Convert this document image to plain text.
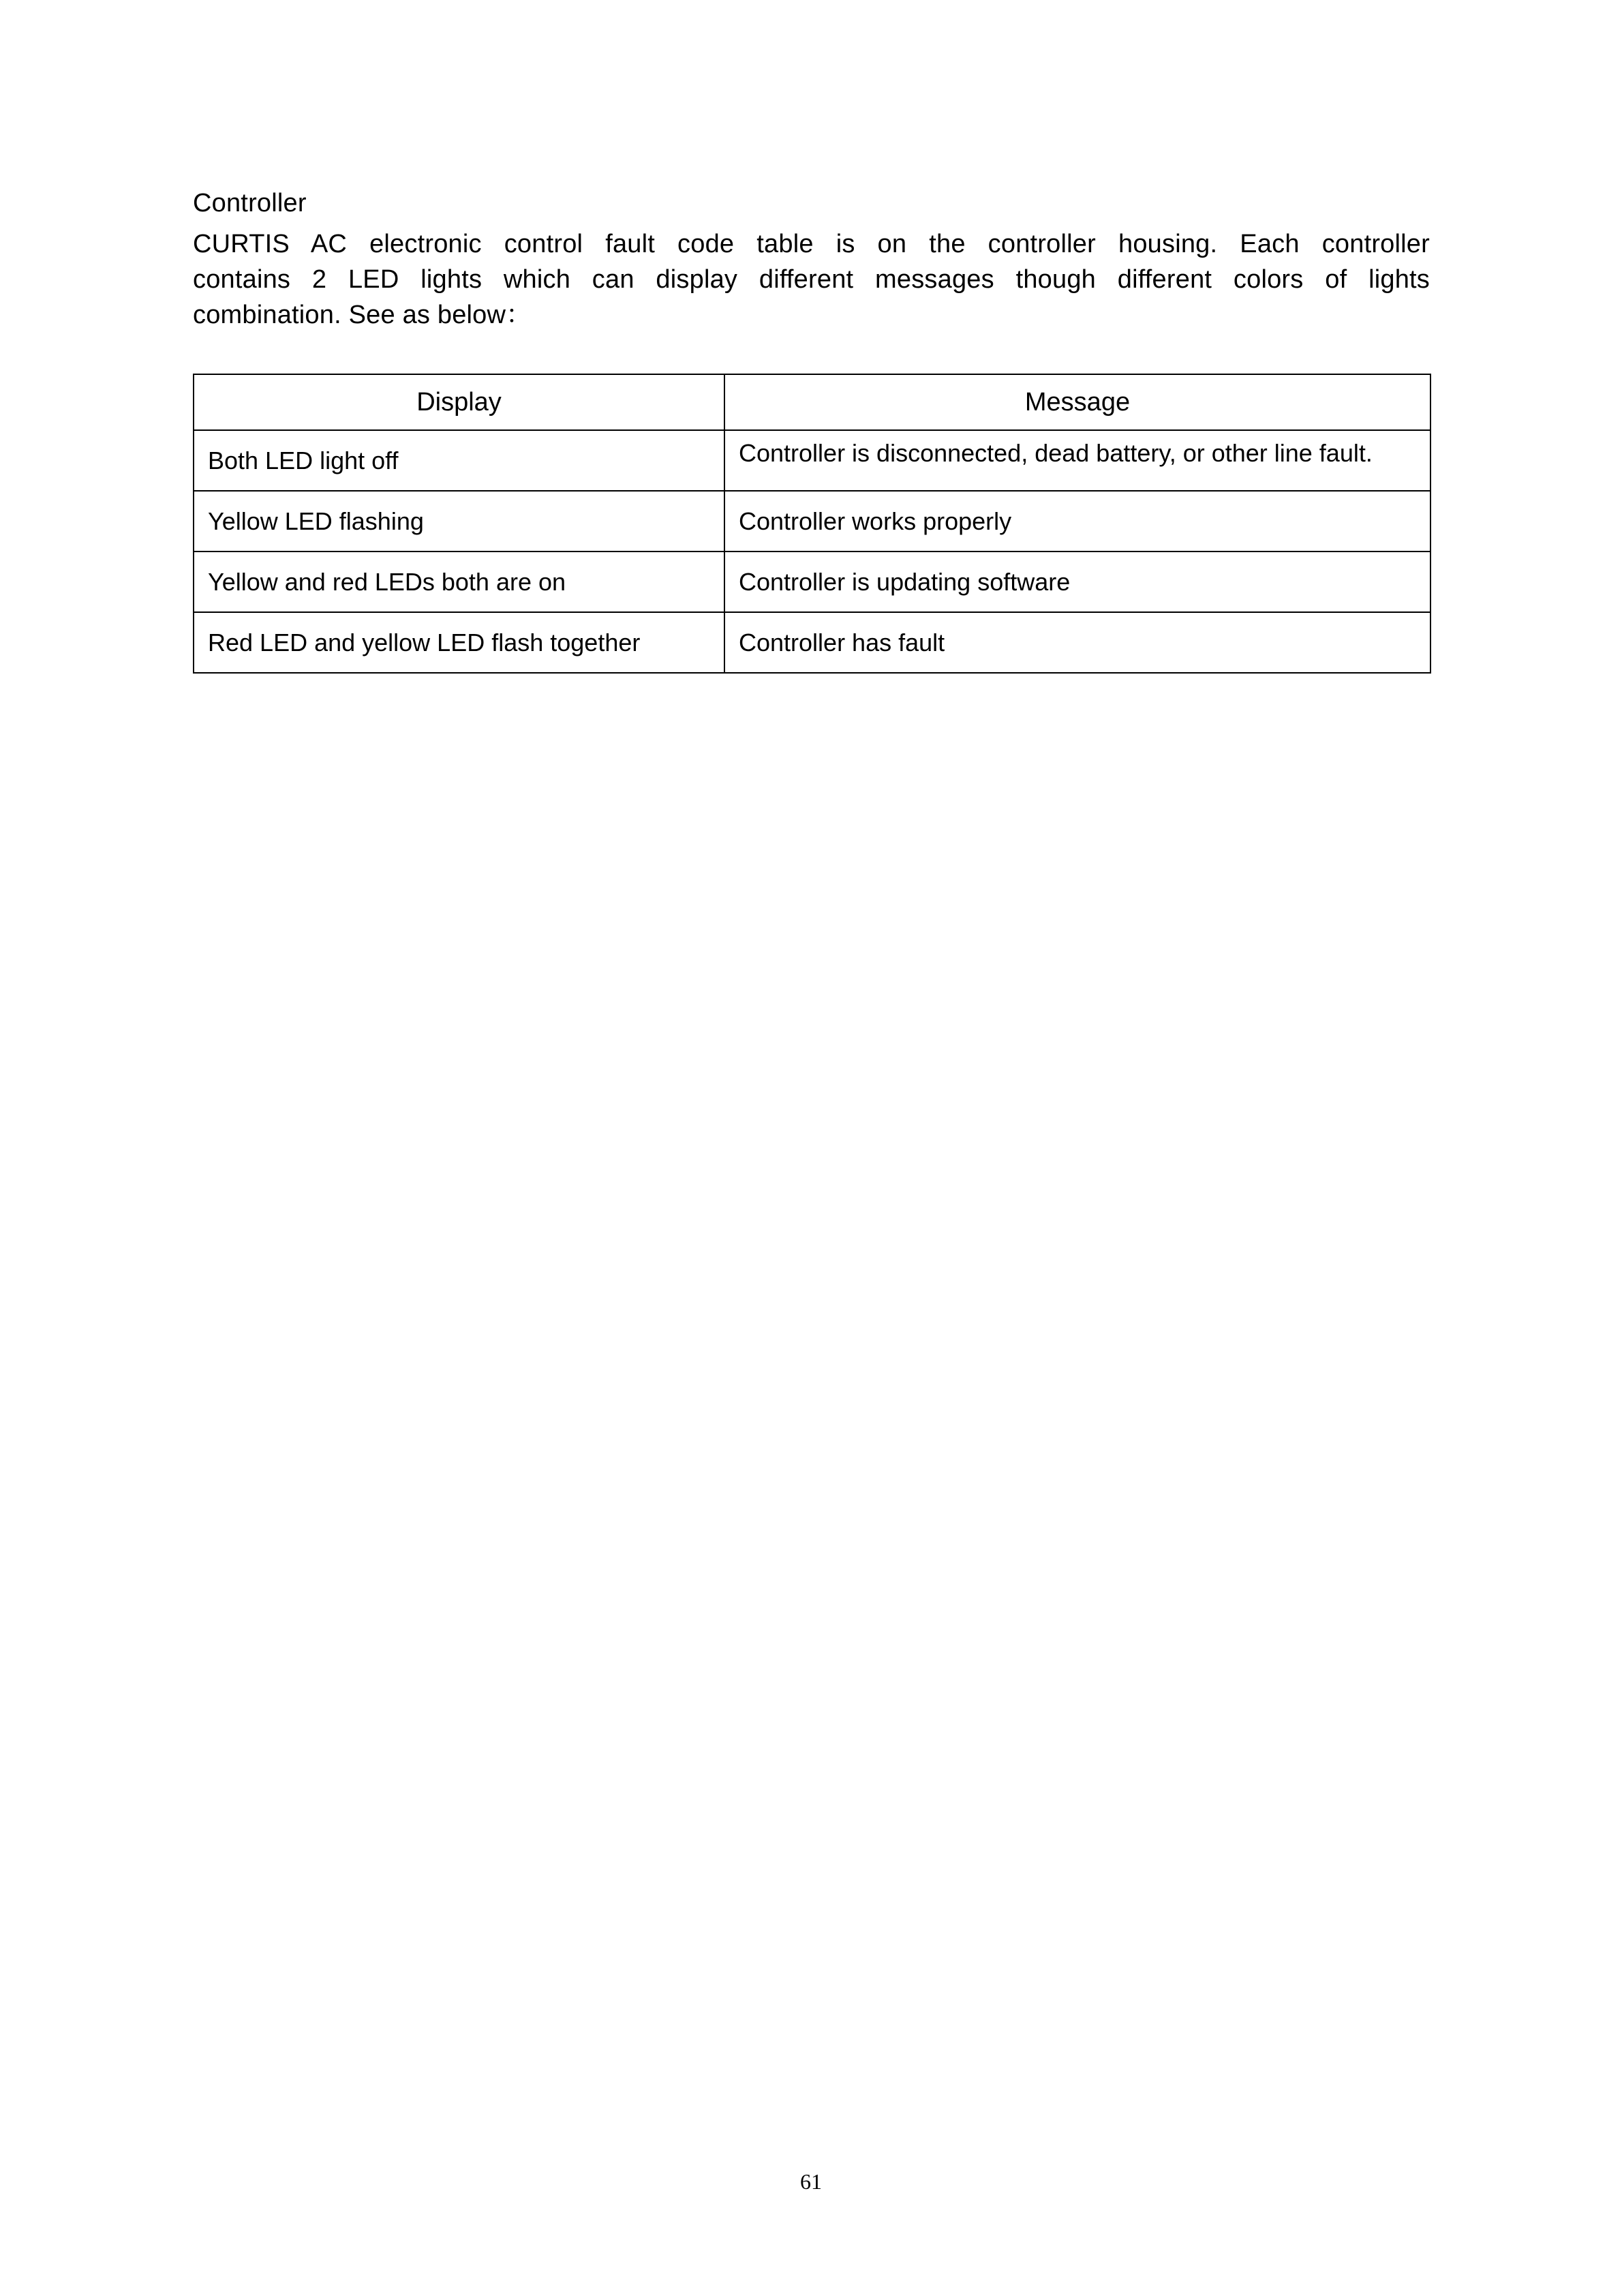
Controller
CURTIS AC electronic control fault code table is on the controller housing. Each controller
contains 2 LED lights which can display different messages though different colors of lights
combination. See as below：
Display	Message

Both LED light off	Controller is disconnected, dead battery, or other line fault.

Yellow LED flashing	Controller works properly

Yellow and red LEDs both are on	Controller is updating software

Red LED and yellow LED flash together	Controller has fault
61
